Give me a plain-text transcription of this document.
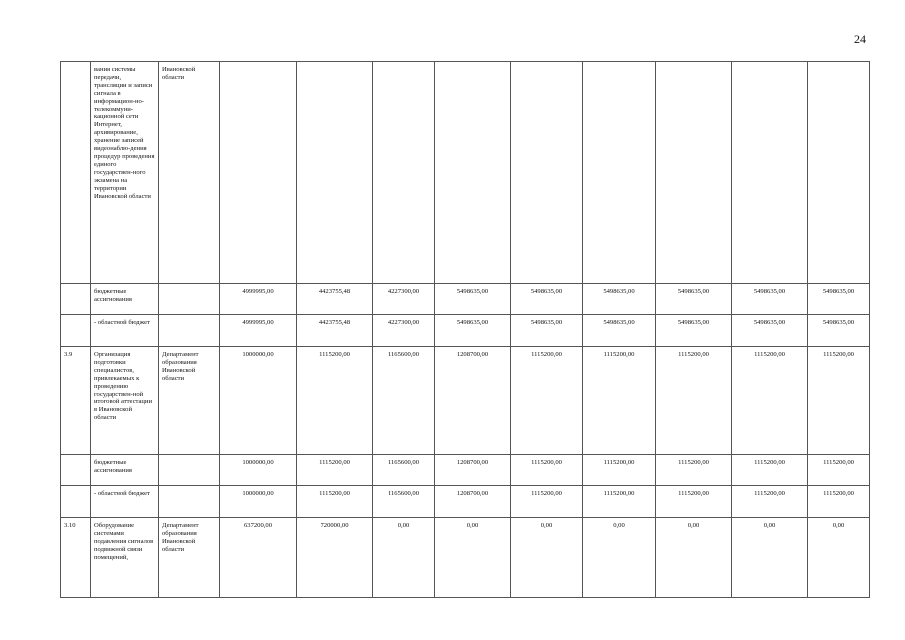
24
	вания системы передачи, трансляции и записи сигнала в информацион-но-телекоммуни-кационной сети Интернет, архивирование, хранение записей видеонаблю-дения процедур проведения единого государствен-ного экзамена на территории Ивановской области	Ивановской области									
	бюджетные ассигнования		4999995,00	4423755,48	4227300,00	5498635,00	5498635,00	5498635,00	5498635,00	5498635,00	5498635,00
	- областной бюджет		4999995,00	4423755,48	4227300,00	5498635,00	5498635,00	5498635,00	5498635,00	5498635,00	5498635,00
3.9	Организация подготовки специалистов, привлекаемых к проведению государствен-ной итоговой аттестации в Ивановской области	Департамент образования Ивановской области	1000000,00	1115200,00	1165600,00	1208700,00	1115200,00	1115200,00	1115200,00	1115200,00	1115200,00
	бюджетные ассигнования		1000000,00	1115200,00	1165600,00	1208700,00	1115200,00	1115200,00	1115200,00	1115200,00	1115200,00
	- областной бюджет		1000000,00	1115200,00	1165600,00	1208700,00	1115200,00	1115200,00	1115200,00	1115200,00	1115200,00
3.10	Оборудование системами подавления сигналов подвижной связи помещений,	Департамент образования Ивановской области	637200,00	720000,00	0,00	0,00	0,00	0,00	0,00	0,00	0,00
